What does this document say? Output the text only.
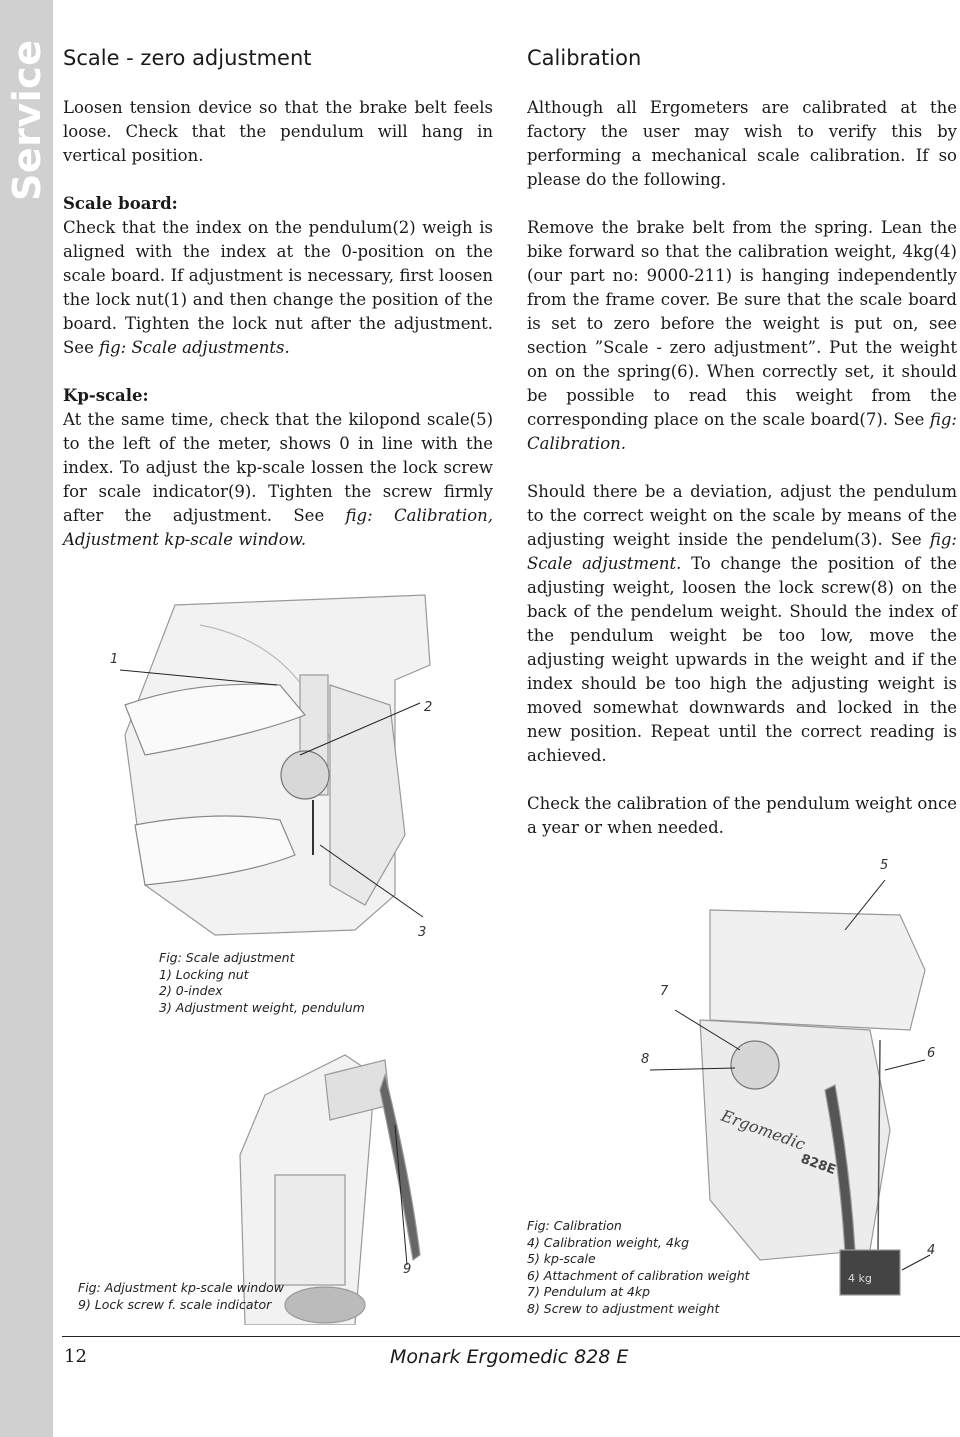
Service Scale - zero adjustment

Loosen tension device so that the brake belt feels loose. Check that the pendulum will hang in vertical position.

Scale board:
Check that the index on the pendulum(2) weigh is aligned with the index at the 0-position on the scale board. If adjustment is necessary, first loosen the lock nut(1) and then change the position of the board. Tighten the lock nut after the adjustment. See fig: Scale adjustments.

Kp-scale:
At the same time, check that the kilopond scale(5) to the left of the meter, shows 0 in line with the index. To adjust the kp-scale lossen the lock screw for scale indicator(9). Tighten the screw firmly after the adjustment. See fig: Calibration, Adjustment kp-scale window.

Calibration

Although all Ergometers are calibrated at the factory the user may wish to verify this by performing a mechanical scale calibration. If so please do the following.

Remove the brake belt from the spring. Lean the bike forward so that the calibration weight, 4kg(4) (our part no: 9000-211) is hanging independently from the frame cover. Be sure that the scale board is set to zero before the weight is put on, see section ”Scale - zero adjustment”. Put the weight on on the spring(6). When correctly set, it should be possible to read this weight from the corresponding place on the scale board(7). See fig: Calibration.

Should there be a deviation, adjust the pendulum to the correct weight on the scale by means of the adjusting weight inside the pendelum(3). See fig: Scale adjustment. To change the position of the adjusting weight, loosen the lock screw(8) on the back of the pendelum weight. Should the index of the pendulum weight be too low, move the adjusting weight upwards in the weight and if the index should be too high the adjusting weight is moved somewhat downwards and locked in the new position. Repeat until the correct reading is achieved.

Check the calibration of the pendulum weight once a year or when needed.

1
2
3
Fig: Scale adjustment
1) Locking nut
2) 0-index
3) Adjustment weight, pendulum
9
Fig: Adjustment kp-scale window
9) Lock screw f. scale indicator
Ergomedic
828E
4 kg
5
7
8	6
4
Fig: Calibration
4) Calibration weight, 4kg
5) kp-scale
6) Attachment of calibration weight
7) Pendulum at 4kp
8) Screw to adjustment weight
12	Monark Ergomedic 828 E
